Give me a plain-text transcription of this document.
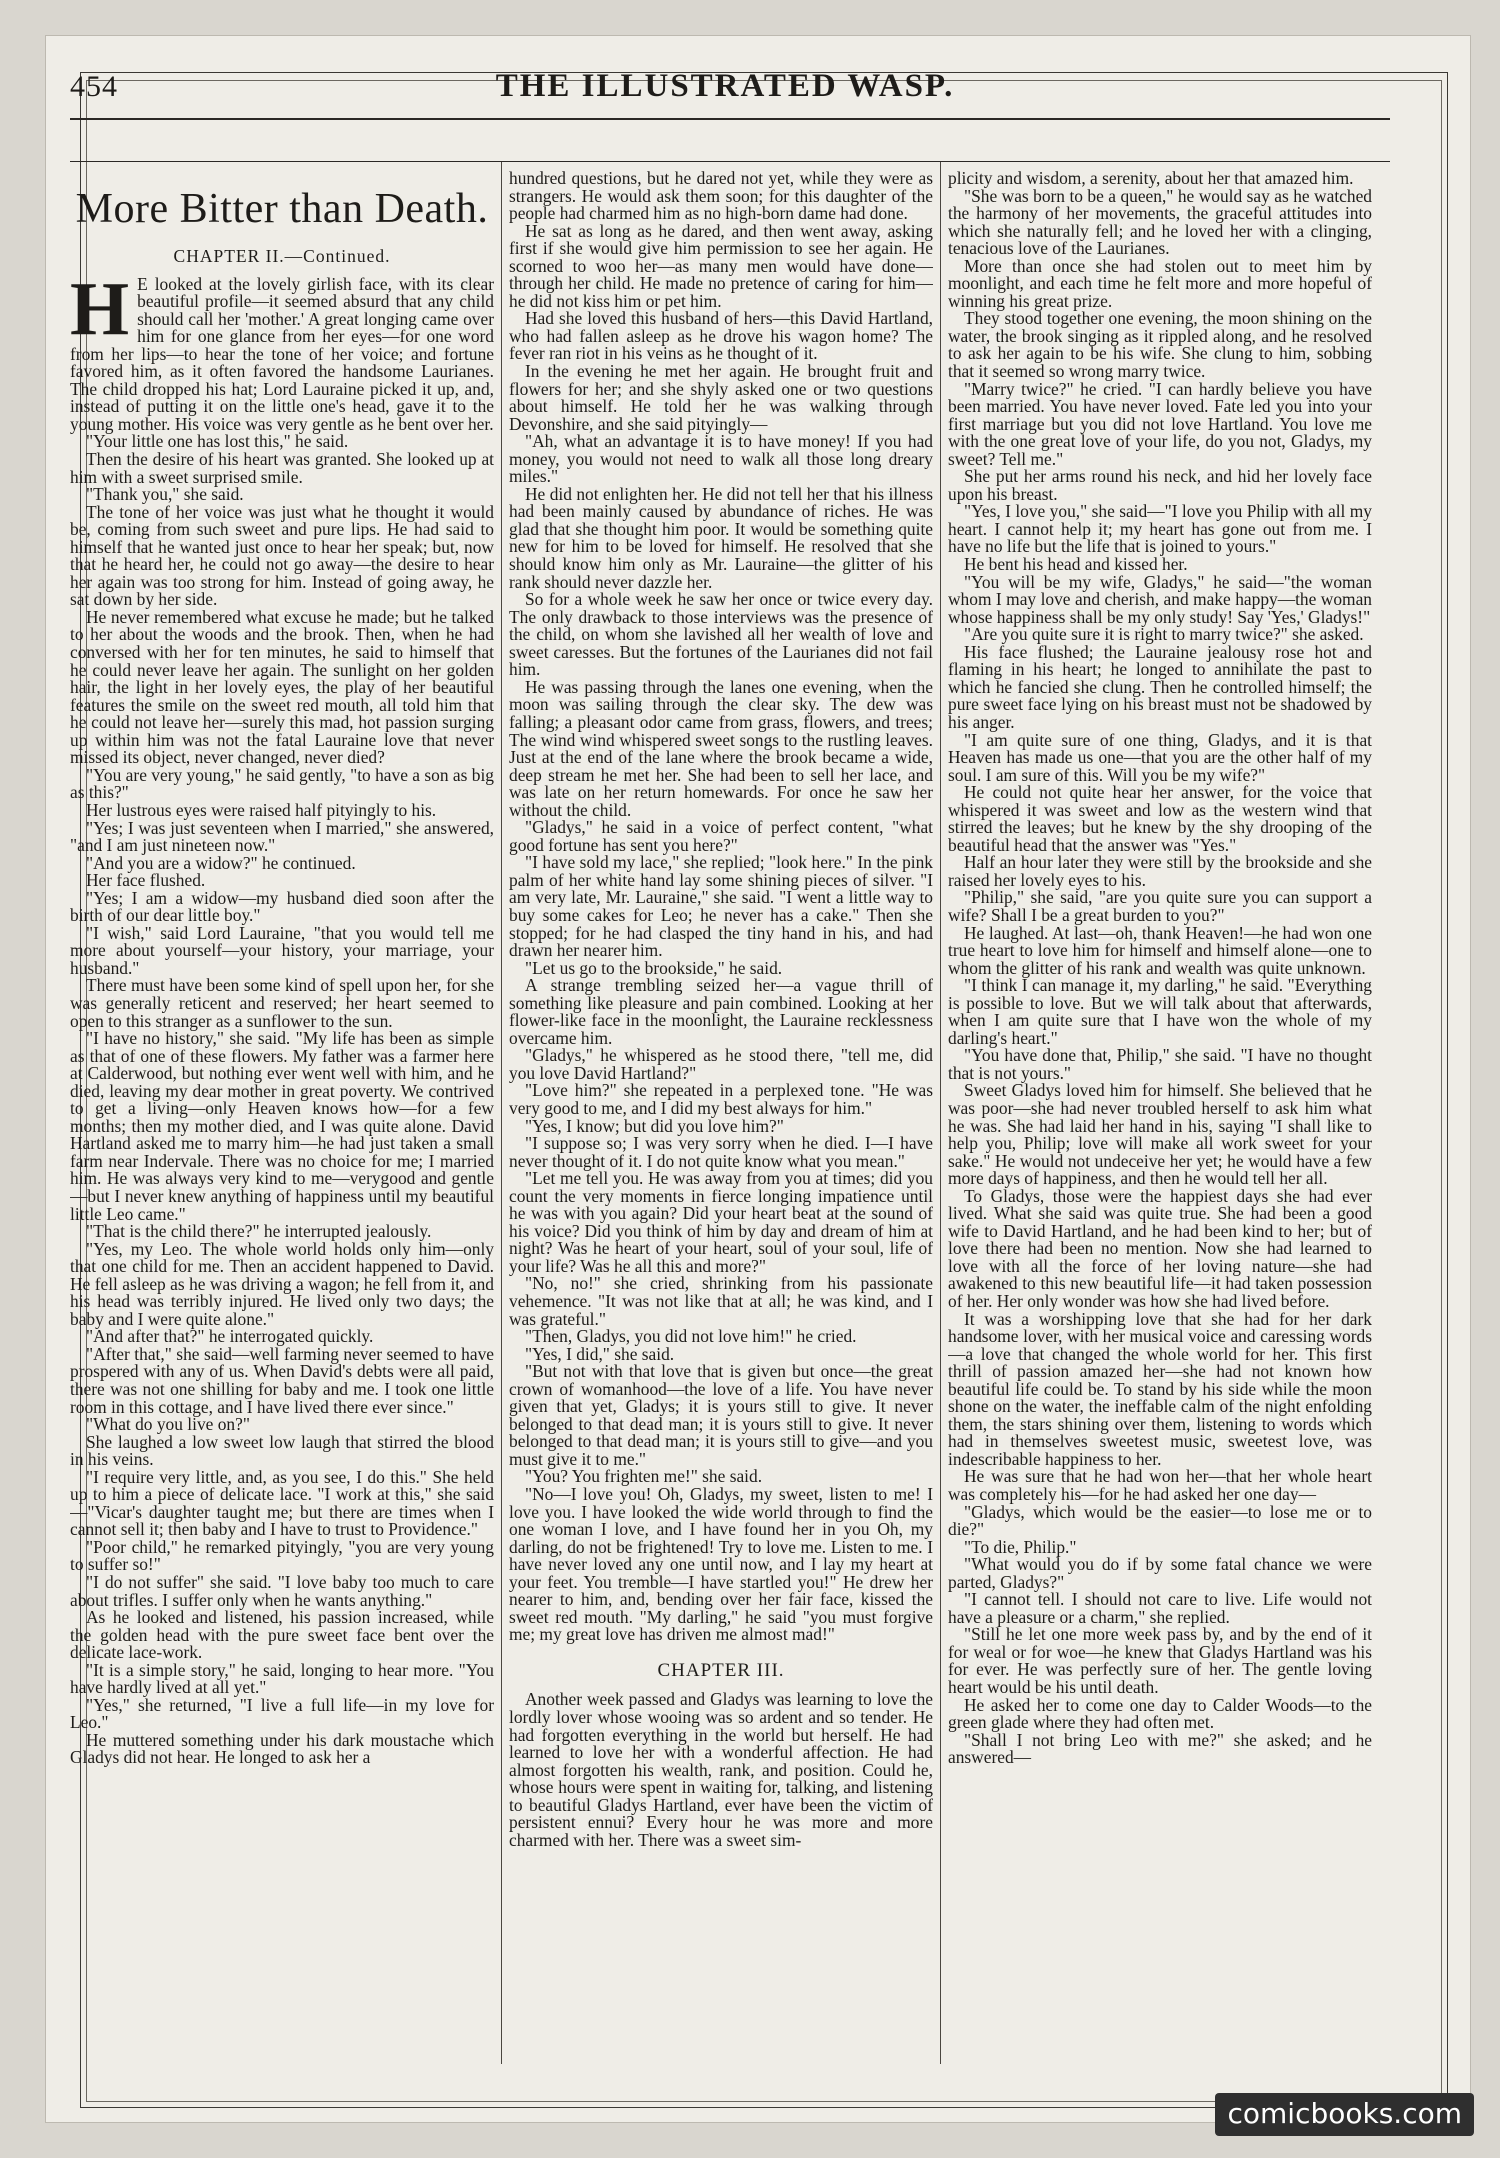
454	THE ILLUSTRATED WASP.
More Bitter than Death.
CHAPTER II.—Continued.

H E looked at the lovely girlish face, with its clear beautiful profile—it seemed absurd that any child should call her 'mother.' A great longing came over him for one glance from her eyes—for one word from her lips—to hear the tone of her voice; and fortune favored him, as it often favored the handsome Laurianes. The child dropped his hat; Lord Lauraine picked it up, and, instead of putting it on the little one's head, gave it to the young mother. His voice was very gentle as he bent over her.

"Your little one has lost this," he said.

Then the desire of his heart was granted. She looked up at him with a sweet surprised smile.

"Thank you," she said.

The tone of her voice was just what he thought it would be, coming from such sweet and pure lips. He had said to himself that he wanted just once to hear her speak; but, now that he heard her, he could not go away—the desire to hear her again was too strong for him. Instead of going away, he sat down by her side.

He never remembered what excuse he made; but he talked to her about the woods and the brook. Then, when he had conversed with her for ten minutes, he said to himself that he could never leave her again. The sunlight on her golden hair, the light in her lovely eyes, the play of her beautiful features the smile on the sweet red mouth, all told him that he could not leave her—surely this mad, hot passion surging up within him was not the fatal Lauraine love that never missed its object, never changed, never died?

"You are very young," he said gently, "to have a son as big as this?"

Her lustrous eyes were raised half pityingly to his.

"Yes; I was just seventeen when I married," she answered, "and I am just nineteen now."

"And you are a widow?" he continued.

Her face flushed.

"Yes; I am a widow—my husband died soon after the birth of our dear little boy."

"I wish," said Lord Lauraine, "that you would tell me more about yourself—your history, your marriage, your husband."

There must have been some kind of spell upon her, for she was generally reticent and reserved; her heart seemed to open to this stranger as a sunflower to the sun.

"I have no history," she said. "My life has been as simple as that of one of these flowers. My father was a farmer here at Calderwood, but nothing ever went well with him, and he died, leaving my dear mother in great poverty. We contrived to get a living—only Heaven knows how—for a few months; then my mother died, and I was quite alone. David Hartland asked me to marry him—he had just taken a small farm near Indervale. There was no choice for me; I married him. He was always very kind to me—verygood and gentle—but I never knew anything of happiness until my beautiful little Leo came."

"That is the child there?" he interrupted jealously.

"Yes, my Leo. The whole world holds only him—only that one child for me. Then an accident happened to David. He fell asleep as he was driving a wagon; he fell from it, and his head was terribly injured. He lived only two days; the baby and I were quite alone."

"And after that?" he interrogated quickly.

"After that," she said—well farming never seemed to have prospered with any of us. When David's debts were all paid, there was not one shilling for baby and me. I took one little room in this cottage, and I have lived there ever since."

"What do you live on?"

She laughed a low sweet low laugh that stirred the blood in his veins.

"I require very little, and, as you see, I do this." She held up to him a piece of delicate lace. "I work at this," she said—"Vicar's daughter taught me; but there are times when I cannot sell it; then baby and I have to trust to Providence."

"Poor child," he remarked pityingly, "you are very young to suffer so!"

"I do not suffer" she said. "I love baby too much to care about trifles. I suffer only when he wants anything."

As he looked and listened, his passion increased, while the golden head with the pure sweet face bent over the delicate lace-work.

"It is a simple story," he said, longing to hear more. "You have hardly lived at all yet."

"Yes," she returned, "I live a full life—in my love for Leo."

He muttered something under his dark moustache which Gladys did not hear. He longed to ask her a

hundred questions, but he dared not yet, while they were as strangers. He would ask them soon; for this daughter of the people had charmed him as no high-born dame had done.

He sat as long as he dared, and then went away, asking first if she would give him permission to see her again. He scorned to woo her—as many men would have done—through her child. He made no pretence of caring for him—he did not kiss him or pet him.

Had she loved this husband of hers—this David Hartland, who had fallen asleep as he drove his wagon home? The fever ran riot in his veins as he thought of it.

In the evening he met her again. He brought fruit and flowers for her; and she shyly asked one or two questions about himself. He told her he was walking through Devonshire, and she said pityingly—

"Ah, what an advantage it is to have money! If you had money, you would not need to walk all those long dreary miles."

He did not enlighten her. He did not tell her that his illness had been mainly caused by abundance of riches. He was glad that she thought him poor. It would be something quite new for him to be loved for himself. He resolved that she should know him only as Mr. Lauraine—the glitter of his rank should never dazzle her.

So for a whole week he saw her once or twice every day. The only drawback to those interviews was the presence of the child, on whom she lavished all her wealth of love and sweet caresses. But the fortunes of the Laurianes did not fail him.

He was passing through the lanes one evening, when the moon was sailing through the clear sky. The dew was falling; a pleasant odor came from grass, flowers, and trees; The wind wind whispered sweet songs to the rustling leaves. Just at the end of the lane where the brook became a wide, deep stream he met her. She had been to sell her lace, and was late on her return homewards. For once he saw her without the child.

"Gladys," he said in a voice of perfect content, "what good fortune has sent you here?"

"I have sold my lace," she replied; "look here." In the pink palm of her white hand lay some shining pieces of silver. "I am very late, Mr. Lauraine," she said. "I went a little way to buy some cakes for Leo; he never has a cake." Then she stopped; for he had clasped the tiny hand in his, and had drawn her nearer him.

"Let us go to the brookside," he said.

A strange trembling seized her—a vague thrill of something like pleasure and pain combined. Looking at her flower-like face in the moonlight, the Lauraine recklessness overcame him.

"Gladys," he whispered as he stood there, "tell me, did you love David Hartland?"

"Love him?" she repeated in a perplexed tone. "He was very good to me, and I did my best always for him."

"Yes, I know; but did you love him?"

"I suppose so; I was very sorry when he died. I—I have never thought of it. I do not quite know what you mean."

"Let me tell you. He was away from you at times; did you count the very moments in fierce longing impatience until he was with you again? Did your heart beat at the sound of his voice? Did you think of him by day and dream of him at night? Was he heart of your heart, soul of your soul, life of your life? Was he all this and more?"

"No, no!" she cried, shrinking from his passionate vehemence. "It was not like that at all; he was kind, and I was grateful."

"Then, Gladys, you did not love him!" he cried.

"Yes, I did," she said.

"But not with that love that is given but once—the great crown of womanhood—the love of a life. You have never given that yet, Gladys; it is yours still to give. It never belonged to that dead man; it is yours still to give. It never belonged to that dead man; it is yours still to give—and you must give it to me."

"You? You frighten me!" she said.

"No—I love you! Oh, Gladys, my sweet, listen to me! I love you. I have looked the wide world through to find the one woman I love, and I have found her in you Oh, my darling, do not be frightened! Try to love me. Listen to me. I have never loved any one until now, and I lay my heart at your feet. You tremble—I have startled you!" He drew her nearer to him, and, bending over her fair face, kissed the sweet red mouth. "My darling," he said "you must forgive me; my great love has driven me almost mad!"

CHAPTER III.

Another week passed and Gladys was learning to love the lordly lover whose wooing was so ardent and so tender. He had forgotten everything in the world but herself. He had learned to love her with a wonderful affection. He had almost forgotten his wealth, rank, and position. Could he, whose hours were spent in waiting for, talking, and listening to beautiful Gladys Hartland, ever have been the victim of persistent ennui? Every hour he was more and more charmed with her. There was a sweet sim-

plicity and wisdom, a serenity, about her that amazed him.

"She was born to be a queen," he would say as he watched the harmony of her movements, the graceful attitudes into which she naturally fell; and he loved her with a clinging, tenacious love of the Laurianes.

More than once she had stolen out to meet him by moonlight, and each time he felt more and more hopeful of winning his great prize.

They stood together one evening, the moon shining on the water, the brook singing as it rippled along, and he resolved to ask her again to be his wife. She clung to him, sobbing that it seemed so wrong marry twice.

"Marry twice?" he cried. "I can hardly believe you have been married. You have never loved. Fate led you into your first marriage but you did not love Hartland. You love me with the one great love of your life, do you not, Gladys, my sweet? Tell me."

She put her arms round his neck, and hid her lovely face upon his breast.

"Yes, I love you," she said—"I love you Philip with all my heart. I cannot help it; my heart has gone out from me. I have no life but the life that is joined to yours."

He bent his head and kissed her.

"You will be my wife, Gladys," he said—"the woman whom I may love and cherish, and make happy—the woman whose happiness shall be my only study! Say 'Yes,' Gladys!"

"Are you quite sure it is right to marry twice?" she asked.

His face flushed; the Lauraine jealousy rose hot and flaming in his heart; he longed to annihilate the past to which he fancied she clung. Then he controlled himself; the pure sweet face lying on his breast must not be shadowed by his anger.

"I am quite sure of one thing, Gladys, and it is that Heaven has made us one—that you are the other half of my soul. I am sure of this. Will you be my wife?"

He could not quite hear her answer, for the voice that whispered it was sweet and low as the western wind that stirred the leaves; but he knew by the shy drooping of the beautiful head that the answer was "Yes."

Half an hour later they were still by the brookside and she raised her lovely eyes to his.

"Philip," she said, "are you quite sure you can support a wife? Shall I be a great burden to you?"

He laughed. At last—oh, thank Heaven!—he had won one true heart to love him for himself and himself alone—one to whom the glitter of his rank and wealth was quite unknown.

"I think I can manage it, my darling," he said. "Everything is possible to love. But we will talk about that afterwards, when I am quite sure that I have won the whole of my darling's heart."

"You have done that, Philip," she said. "I have no thought that is not yours."

Sweet Gladys loved him for himself. She believed that he was poor—she had never troubled herself to ask him what he was. She had laid her hand in his, saying "I shall like to help you, Philip; love will make all work sweet for your sake." He would not undeceive her yet; he would have a few more days of happiness, and then he would tell her all.

To Gladys, those were the happiest days she had ever lived. What she said was quite true. She had been a good wife to David Hartland, and he had been kind to her; but of love there had been no mention. Now she had learned to love with all the force of her loving nature—she had awakened to this new beautiful life—it had taken possession of her. Her only wonder was how she had lived before.

It was a worshipping love that she had for her dark handsome lover, with her musical voice and caressing words—a love that changed the whole world for her. This first thrill of passion amazed her—she had not known how beautiful life could be. To stand by his side while the moon shone on the water, the ineffable calm of the night enfolding them, the stars shining over them, listening to words which had in themselves sweetest music, sweetest love, was indescribable happiness to her.

He was sure that he had won her—that her whole heart was completely his—for he had asked her one day—

"Gladys, which would be the easier—to lose me or to die?"

"To die, Philip."

"What would you do if by some fatal chance we were parted, Gladys?"

"I cannot tell. I should not care to live. Life would not have a pleasure or a charm," she replied.

"Still he let one more week pass by, and by the end of it for weal or for woe—he knew that Gladys Hartland was his for ever. He was perfectly sure of her. The gentle loving heart would be his until death.

He asked her to come one day to Calder Woods—to the green glade where they had often met.

"Shall I not bring Leo with me?" she asked; and he answered—

comicbooks.com
